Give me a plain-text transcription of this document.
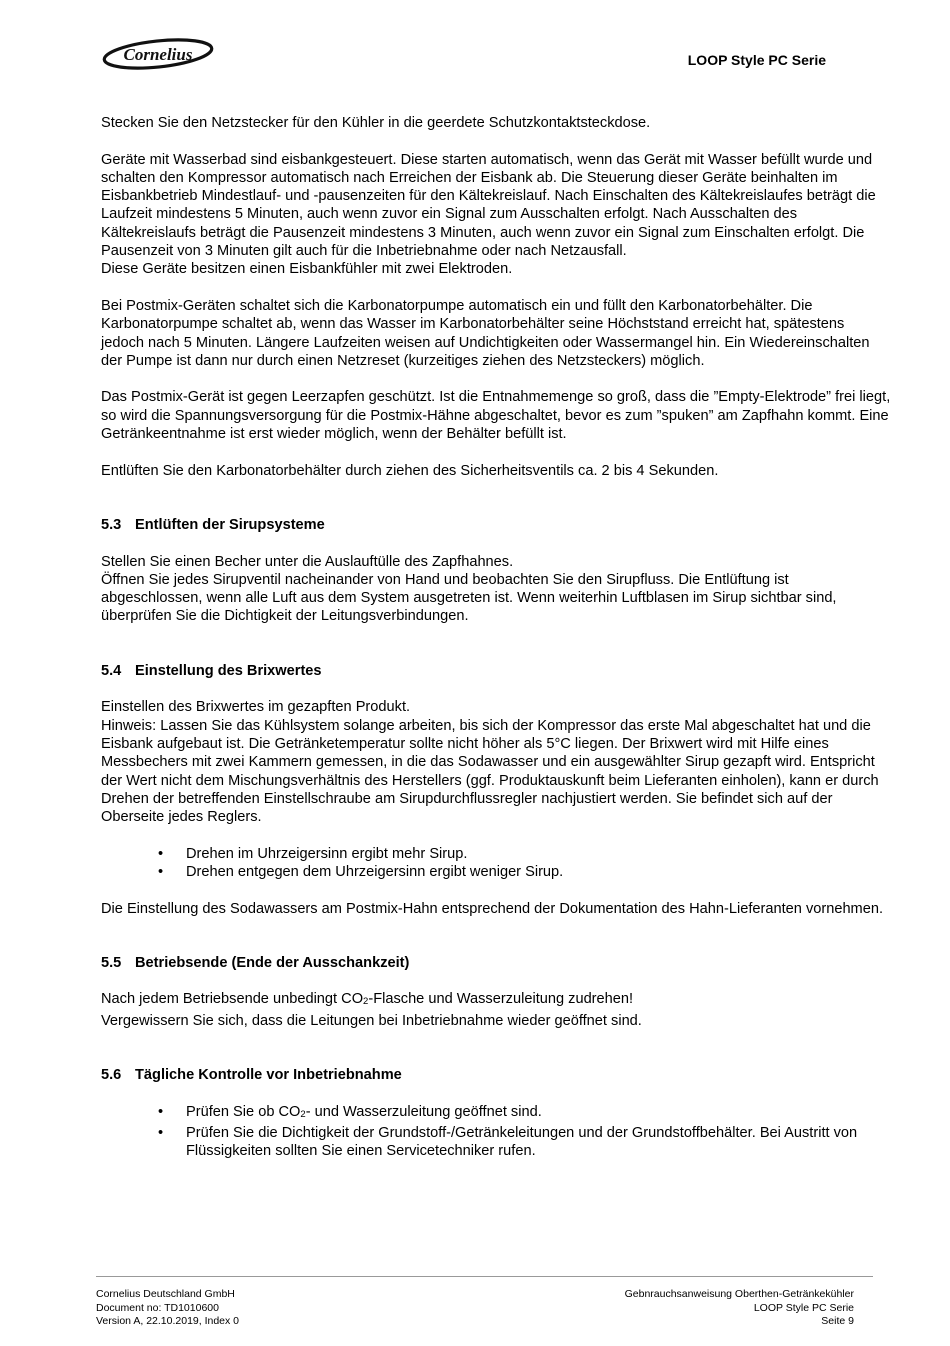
Cornelius	LOOP Style PC Serie

Stecken Sie den Netzstecker für den Kühler in die geerdete Schutzkontaktsteckdose.

Geräte mit Wasserbad sind eisbankgesteuert. Diese starten automatisch, wenn das Gerät mit Wasser befüllt wurde und schalten den Kompressor automatisch nach Erreichen der Eisbank ab. Die Steuerung dieser Geräte beinhalten im Eisbankbetrieb Mindestlauf- und -pausenzeiten für den Kältekreislauf. Nach Einschalten des Kältekreislaufes beträgt die Laufzeit mindestens 5 Minuten, auch wenn zuvor ein Signal zum Ausschalten erfolgt. Nach Ausschalten des Kältekreislaufs beträgt die Pausenzeit mindestens 3 Minuten, auch wenn zuvor ein Signal zum Einschalten erfolgt. Die Pausenzeit von 3 Minuten gilt auch für die Inbetriebnahme oder nach Netzausfall.

Diese Geräte besitzen einen Eisbankfühler mit zwei Elektroden.

Bei Postmix-Geräten schaltet sich die Karbonatorpumpe automatisch ein und füllt den Karbonatorbehälter. Die Karbonatorpumpe schaltet ab, wenn das Wasser im Karbonatorbehälter seine Höchststand erreicht hat, spätestens jedoch nach 5 Minuten. Längere Laufzeiten weisen auf Undichtigkeiten oder Wassermangel hin. Ein Wiedereinschalten der Pumpe ist dann nur durch einen Netzreset (kurzeitiges ziehen des Netzsteckers) möglich.

Das Postmix-Gerät ist gegen Leerzapfen geschützt. Ist die Entnahmemenge so groß, dass die ”Empty-Elektrode” frei liegt, so wird die Spannungsversorgung für die Postmix-Hähne abgeschaltet, bevor es zum ”spuken” am Zapfhahn kommt. Eine Getränkeentnahme ist erst wieder möglich, wenn der Behälter befüllt ist.

Entlüften Sie den Karbonatorbehälter durch ziehen des Sicherheitsventils ca. 2 bis 4 Sekunden.

5.3 Entlüften der Sirupsysteme

Stellen Sie einen Becher unter die Auslauftülle des Zapfhahnes.

Öffnen Sie jedes Sirupventil nacheinander von Hand und beobachten Sie den Sirupfluss. Die Entlüftung ist abgeschlossen, wenn alle Luft aus dem System ausgetreten ist. Wenn weiterhin Luftblasen im Sirup sichtbar sind, überprüfen Sie die Dichtigkeit der Leitungsverbindungen.

5.4 Einstellung des Brixwertes

Einstellen des Brixwertes im gezapften Produkt.

Hinweis: Lassen Sie das Kühlsystem solange arbeiten, bis sich der Kompressor das erste Mal abgeschaltet hat und die Eisbank aufgebaut ist. Die Getränketemperatur sollte nicht höher als 5°C liegen. Der Brixwert wird mit Hilfe eines Messbechers mit zwei Kammern gemessen, in die das Sodawasser und ein ausgewählter Sirup gezapft wird. Entspricht der Wert nicht dem Mischungsverhältnis des Herstellers (ggf. Produktauskunft beim Lieferanten einholen), kann er durch Drehen der betreffenden Einstellschraube am Sirupdurchflussregler nachjustiert werden. Sie befindet sich auf der Oberseite jedes Reglers.

• Drehen im Uhrzeigersinn ergibt mehr Sirup.
• Drehen entgegen dem Uhrzeigersinn ergibt weniger Sirup.

Die Einstellung des Sodawassers am Postmix-Hahn entsprechend der Dokumentation des Hahn-Lieferanten vornehmen.

5.5 Betriebsende (Ende der Ausschankzeit)

Nach jedem Betriebsende unbedingt $CO_2$-Flasche und Wasserzuleitung zudrehen!

Vergewissern Sie sich, dass die Leitungen bei Inbetriebnahme wieder geöffnet sind.

5.6 Tägliche Kontrolle vor Inbetriebnahme
• Prüfen Sie ob $CO_2-$ und Wasserzuleitung geöffnet sind.
• Prüfen Sie die Dichtigkeit der Grundstoff-/Getränkeleitungen und der Grundstoffbehälter. Bei Austritt von Flüssigkeiten sollten Sie einen Servicetechniker rufen.
Cornelius Deutschland GmbH
Document no: TD1010600
Version A, 22.10.2019, Index 0
Gebnrauchsanweisung Oberthen-Getränkekühler
LOOP Style PC Serie
Seite 9
